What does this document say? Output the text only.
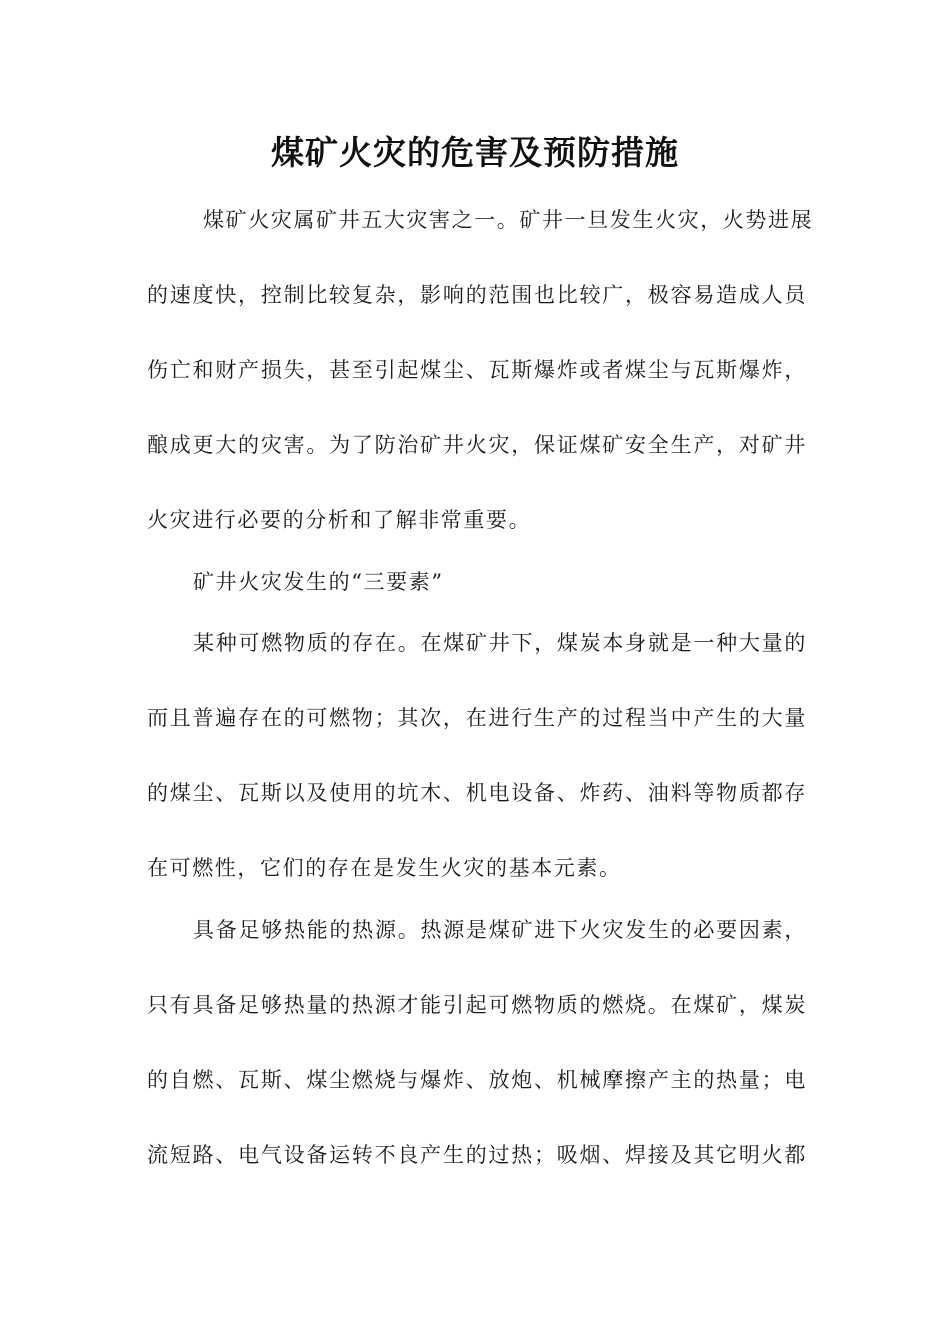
煤矿火灾的危害及预防措施
煤矿火灾属矿井五大灾害之一。矿井一旦发生火灾，火势进展
的速度快，控制比较复杂，影响的范围也比较广，极容易造成人员
伤亡和财产损失，甚至引起煤尘、瓦斯爆炸或者煤尘与瓦斯爆炸，
酿成更大的灾害。为了防治矿井火灾，保证煤矿安全生产，对矿井
火灾进行必要的分析和了解非常重要。
矿井火灾发生的“三要素”
某种可燃物质的存在。在煤矿井下，煤炭本身就是一种大量的
而且普遍存在的可燃物；其次，在进行生产的过程当中产生的大量
的煤尘、瓦斯以及使用的坑木、机电设备、炸药、油料等物质都存
在可燃性，它们的存在是发生火灾的基本元素。
具备足够热能的热源。热源是煤矿进下火灾发生的必要因素，
只有具备足够热量的热源才能引起可燃物质的燃烧。在煤矿，煤炭
的自燃、瓦斯、煤尘燃烧与爆炸、放炮、机械摩擦产主的热量；电
流短路、电气设备运转不良产生的过热；吸烟、焊接及其它明火都
